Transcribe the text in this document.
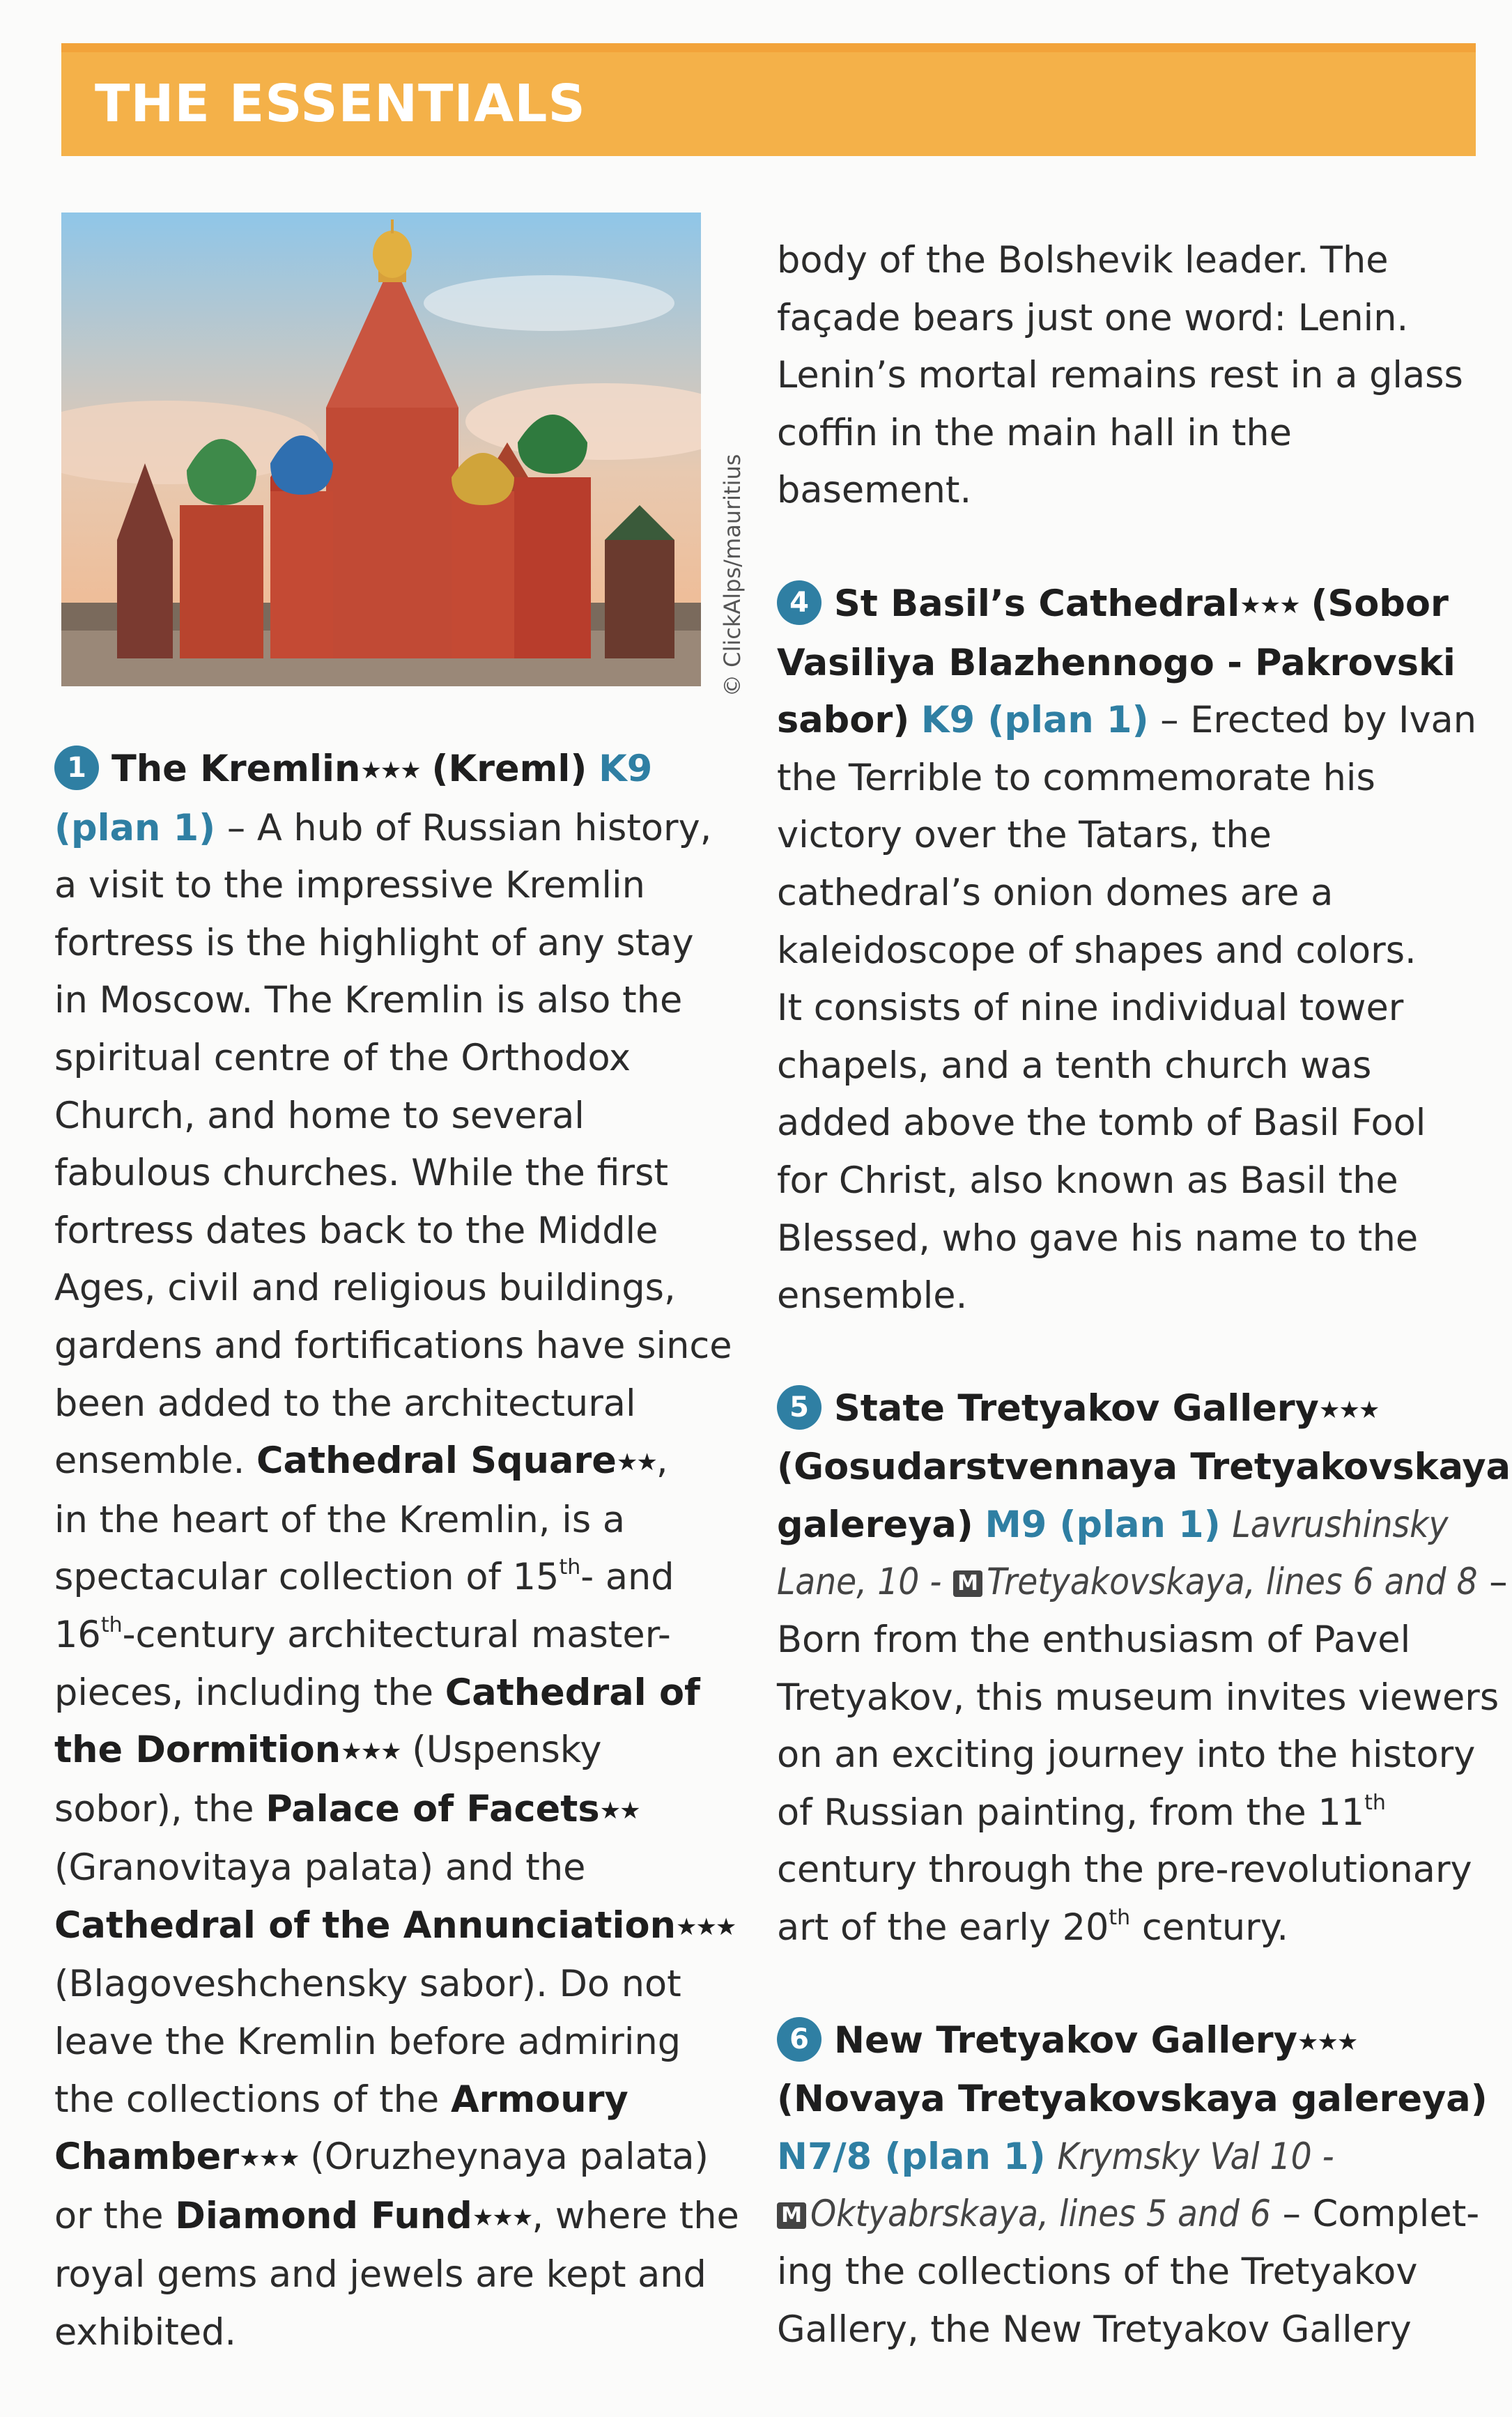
THE ESSENTIALS
© ClickAlps/mauritius
1 The Kremlin★★★ (Kreml) K9
(plan 1) – A hub of Russian history,
a visit to the impressive Kremlin
fortress is the highlight of any stay
in Moscow. The Kremlin is also the
spiritual centre of the Orthodox
Church, and home to several
fabulous churches. While the first
fortress dates back to the Middle
Ages, civil and religious buildings,
gardens and fortifications have since
been added to the architectural
ensemble. Cathedral Square★★,
in the heart of the Kremlin, is a
spectacular collection of 15th- and
16th-century architectural master-
pieces, including the Cathedral of
the Dormition★★★ (Uspensky
sobor), the Palace of Facets★★
(Granovitaya palata) and the
Cathedral of the Annunciation★★★
(Blagoveshchensky sabor). Do not
leave the Kremlin before admiring
the collections of the Armoury
Chamber★★★ (Oruzheynaya palata)
or the Diamond Fund★★★, where the
royal gems and jewels are kept and
exhibited.
body of the Bolshevik leader. The
façade bears just one word: Lenin.
Lenin’s mortal remains rest in a glass
coffin in the main hall in the
basement.
4 St Basil’s Cathedral★★★ (Sobor
Vasiliya Blazhennogo - Pakrovski
sabor) K9 (plan 1) – Erected by Ivan
the Terrible to commemorate his
victory over the Tatars, the
cathedral’s onion domes are a
kaleidoscope of shapes and colors.
It consists of nine individual tower
chapels, and a tenth church was
added above the tomb of Basil Fool
for Christ, also known as Basil the
Blessed, who gave his name to the
ensemble.
5 State Tretyakov Gallery★★★
(Gosudarstvennaya Tretyakovskaya
galereya) M9 (plan 1) Lavrushinsky
Lane, 10 - M Tretyakovskaya, lines 6 and 8 –
Born from the enthusiasm of Pavel
Tretyakov, this museum invites viewers
on an exciting journey into the history
of Russian painting, from the 11th
century through the pre-revolutionary
art of the early 20th century.
6 New Tretyakov Gallery★★★
(Novaya Tretyakovskaya galereya)
N7/8 (plan 1) Krymsky Val 10 -
M Oktyabrskaya, lines 5 and 6 – Complet-
ing the collections of the Tretyakov
Gallery, the New Tretyakov Gallery
